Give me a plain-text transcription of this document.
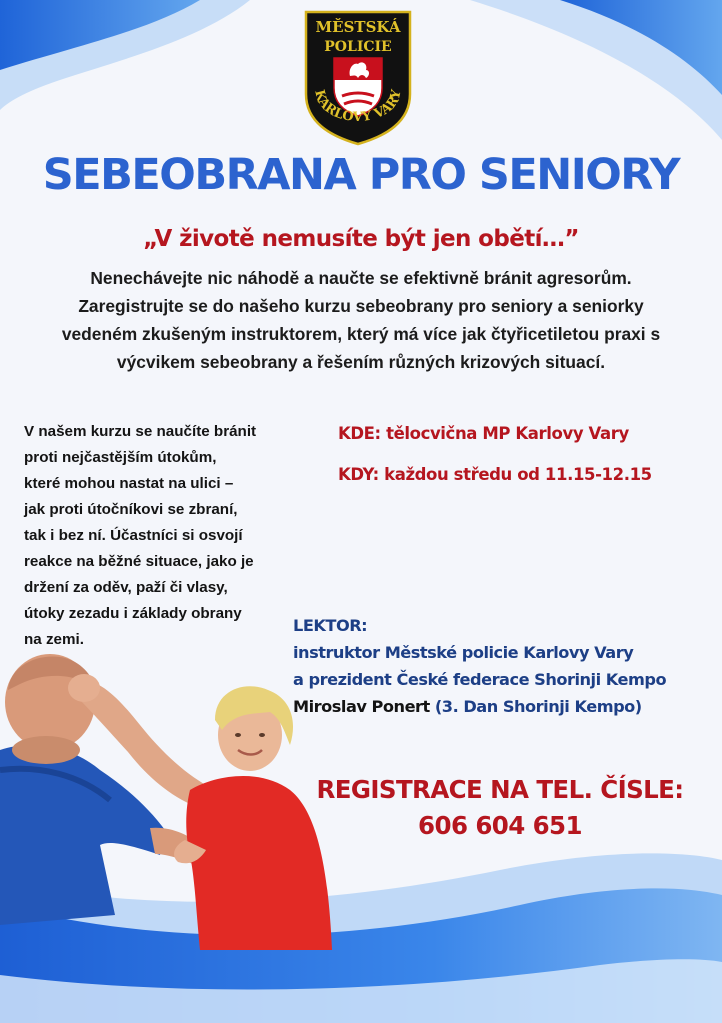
MĚSTSKÁ
POLICIE
KARLOVY VARY
SEBEOBRANA PRO SENIORY
„V životě nemusíte být jen obětí…”
Nenechávejte nic náhodě a naučte se efektivně bránit agresorům.
Zaregistrujte se do našeho kurzu sebeobrany pro seniory a seniorky
vedeném zkušeným instruktorem, který má více jak čtyřicetiletou praxi s
výcvikem sebeobrany a řešením různých krizových situací.
V našem kurzu se naučíte bránit
proti nejčastějším útokům,
které mohou nastat na ulici –
jak proti útočníkovi se zbraní,
tak i bez ní. Účastníci si osvojí
reakce na běžné situace, jako je
držení za oděv, paží či vlasy,
útoky zezadu i základy obrany
na zemi.
KDE: tělocvična MP Karlovy Vary
KDY: každou středu od 11.15-12.15
LEKTOR:
instruktor Městské policie Karlovy Vary
a prezident České federace Shorinji Kempo
Miroslav Ponert (3. Dan Shorinji Kempo)
REGISTRACE NA TEL. ČÍSLE:
606 604 651
